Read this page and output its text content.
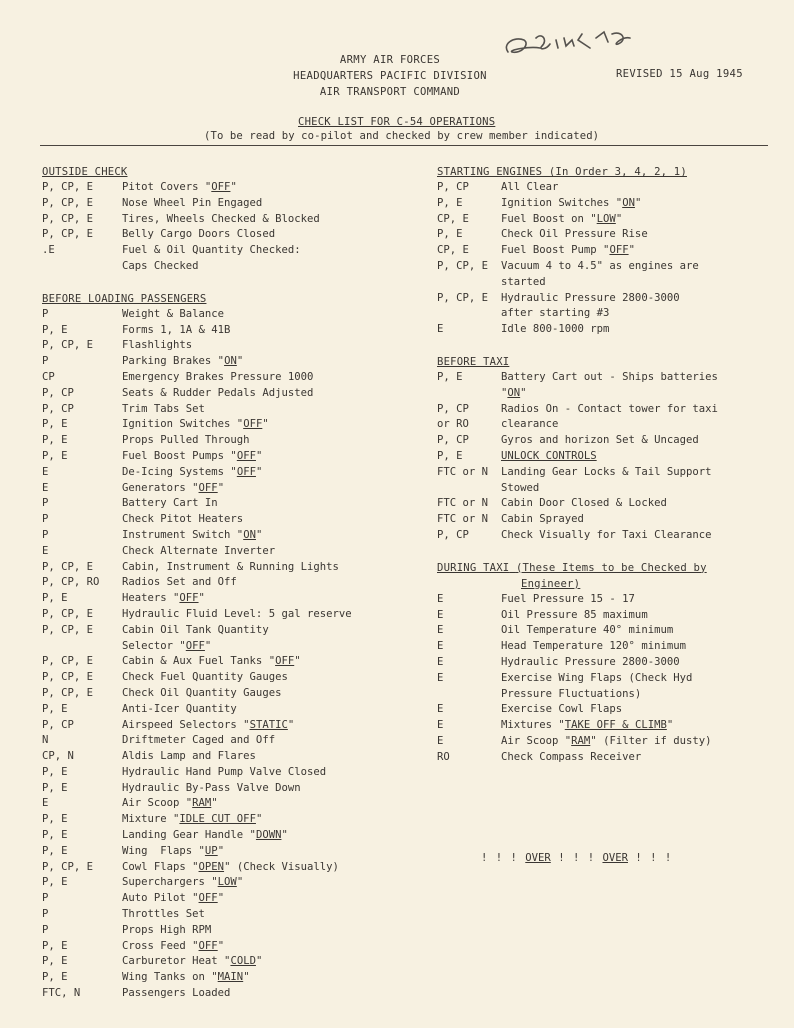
ARMY AIR FORCES
HEADQUARTERS PACIFIC DIVISION
AIR TRANSPORT COMMAND
REVISED 15 Aug 1945
CHECK LIST FOR C-54 OPERATIONS
(To be read by co-pilot and checked by crew member indicated)
OUTSIDE CHECK
P, CP, E	Pitot Covers "OFF"
P, CP, E	Nose Wheel Pin Engaged
P, CP, E	Tires, Wheels Checked & Blocked
P, CP, E	Belly Cargo Doors Closed
.E	Fuel & Oil Quantity Checked:
Caps Checked
BEFORE LOADING PASSENGERS
P	Weight & Balance
P, E	Forms 1, 1A & 41B
P, CP, E	Flashlights
P	Parking Brakes "ON"
CP	Emergency Brakes Pressure 1000
P, CP	Seats & Rudder Pedals Adjusted
P, CP	Trim Tabs Set
P, E	Ignition Switches "OFF"
P, E	Props Pulled Through
P, E	Fuel Boost Pumps "OFF"
E	De-Icing Systems "OFF"
E	Generators "OFF"
P	Battery Cart In
P	Check Pitot Heaters
P	Instrument Switch "ON"
E	Check Alternate Inverter
P, CP, E	Cabin, Instrument & Running Lights
P, CP, RO	Radios Set and Off
P, E	Heaters "OFF"
P, CP, E	Hydraulic Fluid Level: 5 gal reserve
P, CP, E	Cabin Oil Tank Quantity
Selector "OFF"
P, CP, E	Cabin & Aux Fuel Tanks "OFF"
P, CP, E	Check Fuel Quantity Gauges
P, CP, E	Check Oil Quantity Gauges
P, E	Anti-Icer Quantity
P, CP	Airspeed Selectors "STATIC"
N	Driftmeter Caged and Off
CP, N	Aldis Lamp and Flares
P, E	Hydraulic Hand Pump Valve Closed
P, E	Hydraulic By-Pass Valve Down
E	Air Scoop "RAM"
P, E	Mixture "IDLE CUT OFF"
P, E	Landing Gear Handle "DOWN"
P, E	Wing  Flaps "UP"
P, CP, E	Cowl Flaps "OPEN" (Check Visually)
P, E	Superchargers "LOW"
P	Auto Pilot "OFF"
P	Throttles Set
P	Props High RPM
P, E	Cross Feed "OFF"
P, E	Carburetor Heat "COLD"
P, E	Wing Tanks on "MAIN"
FTC, N	Passengers Loaded
STARTING ENGINES (In Order 3, 4, 2, 1)
P, CP	All Clear
P, E	Ignition Switches "ON"
CP, E	Fuel Boost on "LOW"
P, E	Check Oil Pressure Rise
CP, E	Fuel Boost Pump "OFF"
P, CP, E	Vacuum 4 to 4.5" as engines are
started
P, CP, E	Hydraulic Pressure 2800-3000
after starting #3
E	Idle 800-1000 rpm
BEFORE TAXI
P, E	Battery Cart out - Ships batteries
"ON"
P, CP	Radios On - Contact tower for taxi
or RO	clearance
P, CP	Gyros and horizon Set & Uncaged
P, E	UNLOCK CONTROLS
FTC or N	Landing Gear Locks & Tail Support
Stowed
FTC or N	Cabin Door Closed & Locked
FTC or N	Cabin Sprayed
P, CP	Check Visually for Taxi Clearance
DURING TAXI (These Items to be Checked by
Engineer)
E	Fuel Pressure 15 - 17
E	Oil Pressure 85 maximum
E	Oil Temperature 40° minimum
E	Head Temperature 120° minimum
E	Hydraulic Pressure 2800-3000
E	Exercise Wing Flaps (Check Hyd
Pressure Fluctuations)
E	Exercise Cowl Flaps
E	Mixtures "TAKE OFF & CLIMB"
E	Air Scoop "RAM" (Filter if dusty)
RO	Check Compass Receiver
! ! ! OVER ! ! ! OVER ! ! !
